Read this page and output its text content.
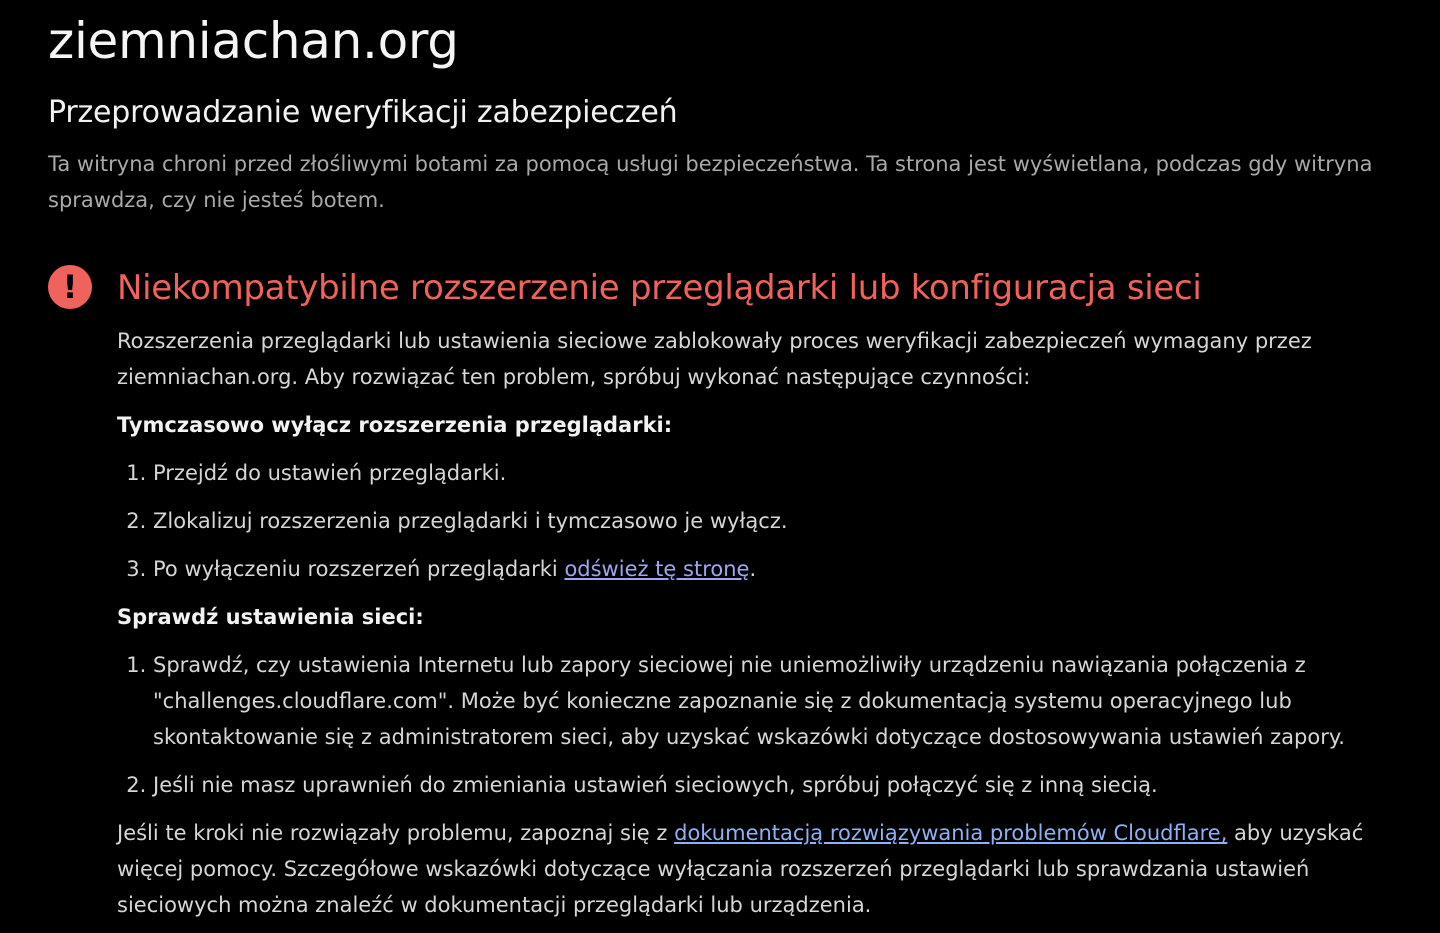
ziemniachan.org
Przeprowadzanie weryfikacji zabezpieczeń

Ta witryna chroni przed złośliwymi botami za pomocą usługi bezpieczeństwa. Ta strona jest wyświetlana, podczas gdy witryna sprawdza, czy nie jesteś botem.

!	Niekompatybilne rozszerzenie przeglądarki lub konfiguracja sieci

Rozszerzenia przeglądarki lub ustawienia sieciowe zablokowały proces weryfikacji zabezpieczeń wymagany przez ziemniachan.org. Aby rozwiązać ten problem, spróbuj wykonać następujące czynności:

Tymczasowo wyłącz rozszerzenia przeglądarki:

1. Przejdź do ustawień przeglądarki.
2. Zlokalizuj rozszerzenia przeglądarki i tymczasowo je wyłącz.
3. Po wyłączeniu rozszerzeń przeglądarki odśwież tę stronę.

Sprawdź ustawienia sieci:

1. Sprawdź, czy ustawienia Internetu lub zapory sieciowej nie uniemożliwiły urządzeniu nawiązania połączenia z "challenges.cloudflare.com". Może być konieczne zapoznanie się z dokumentacją systemu operacyjnego lub skontaktowanie się z administratorem sieci, aby uzyskać wskazówki dotyczące dostosowywania ustawień zapory.
2. Jeśli nie masz uprawnień do zmieniania ustawień sieciowych, spróbuj połączyć się z inną siecią.

Jeśli te kroki nie rozwiązały problemu, zapoznaj się z dokumentacją rozwiązywania problemów Cloudflare, aby uzyskać więcej pomocy. Szczegółowe wskazówki dotyczące wyłączania rozszerzeń przeglądarki lub sprawdzania ustawień sieciowych można znaleźć w dokumentacji przeglądarki lub urządzenia.
